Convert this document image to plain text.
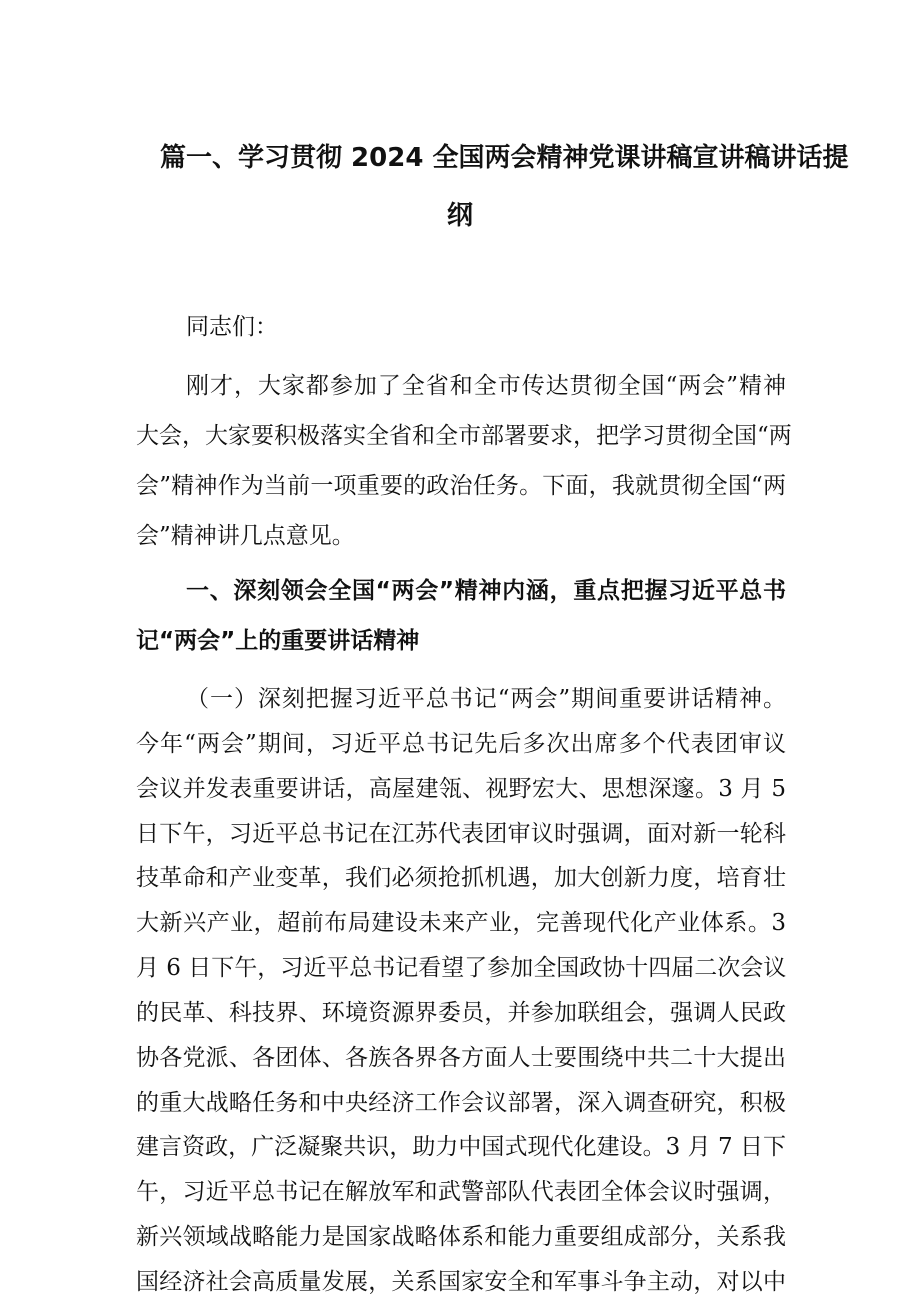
篇一、学习贯彻 2024 全国两会精神党课讲稿宣讲稿讲话提
纲
同志们：
刚才，大家都参加了全省和全市传达贯彻全国“两会”精神
大会，大家要积极落实全省和全市部署要求，把学习贯彻全国“两
会”精神作为当前一项重要的政治任务。下面，我就贯彻全国“两
会”精神讲几点意见。
一、深刻领会全国“两会”精神内涵，重点把握习近平总书
记“两会”上的重要讲话精神
（一）深刻把握习近平总书记“两会”期间重要讲话精神。
今年“两会”期间，习近平总书记先后多次出席多个代表团审议
会议并发表重要讲话，高屋建瓴、视野宏大、思想深邃。3 月 5
日下午，习近平总书记在江苏代表团审议时强调，面对新一轮科
技革命和产业变革，我们必须抢抓机遇，加大创新力度，培育壮
大新兴产业，超前布局建设未来产业，完善现代化产业体系。3
月 6 日下午，习近平总书记看望了参加全国政协十四届二次会议
的民革、科技界、环境资源界委员，并参加联组会，强调人民政
协各党派、各团体、各族各界各方面人士要围绕中共二十大提出
的重大战略任务和中央经济工作会议部署，深入调查研究，积极
建言资政，广泛凝聚共识，助力中国式现代化建设。3 月 7 日下
午，习近平总书记在解放军和武警部队代表团全体会议时强调，
新兴领域战略能力是国家战略体系和能力重要组成部分，关系我
国经济社会高质量发展，关系国家安全和军事斗争主动，对以中
